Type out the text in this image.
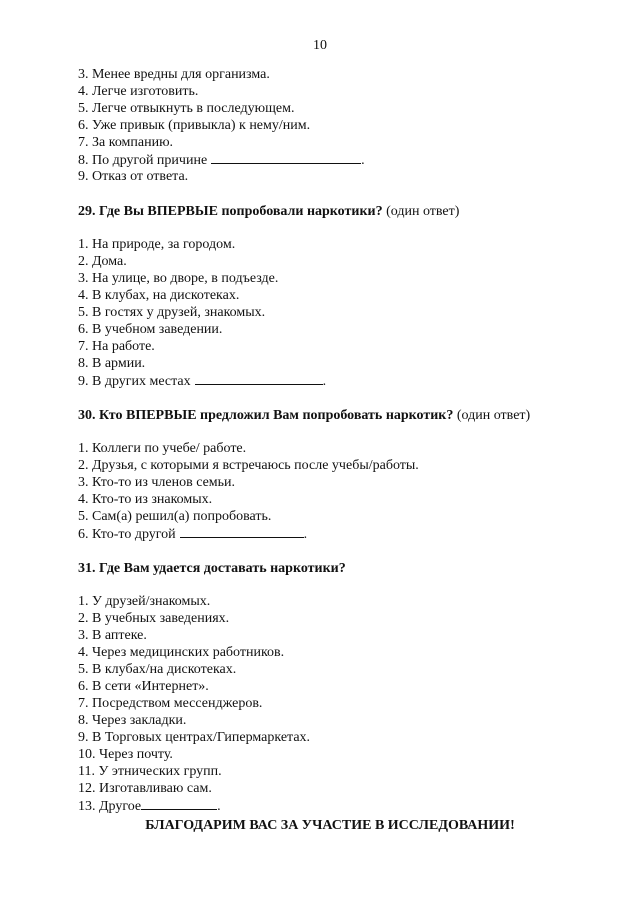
10
3. Менее вредны для организма.
4. Легче изготовить.
5. Легче отвыкнуть в последующем.
6. Уже привык (привыкла) к нему/ним.
7. За компанию.
8. По другой причине	.
9. Отказ от ответа.
29. Где Вы ВПЕРВЫЕ попробовали наркотики? (один ответ)
1. На природе, за городом.
2. Дома.
3. На улице, во дворе, в подъезде.
4. В клубах, на дискотеках.
5. В гостях у друзей, знакомых.
6. В учебном заведении.
7. На работе.
8. В армии.
9. В других местах	.
30. Кто ВПЕРВЫЕ предложил Вам попробовать наркотик? (один ответ)
1. Коллеги по учебе/ работе.
2. Друзья, с которыми я встречаюсь после учебы/работы.
3. Кто-то из членов семьи.
4. Кто-то из знакомых.
5. Сам(а) решил(а) попробовать.
6. Кто-то другой	.
31. Где Вам удается доставать наркотики?
1. У друзей/знакомых.
2. В учебных заведениях.
3. В аптеке.
4. Через медицинских работников.
5. В клубах/на дискотеках.
6. В сети «Интернет».
7. Посредством мессенджеров.
8. Через закладки.
9. В Торговых центрах/Гипермаркетах.
10. Через почту.
11. У этнических групп.
12. Изготавливаю сам.
13. Другое	.
БЛАГОДАРИМ ВАС ЗА УЧАСТИЕ В ИССЛЕДОВАНИИ!
